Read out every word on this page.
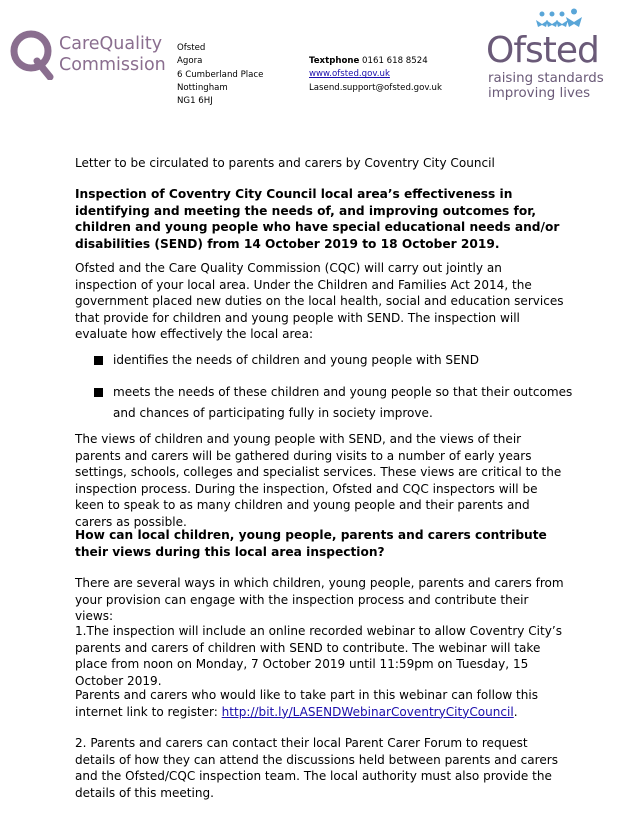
CareQuality
Commission
Ofsted
Agora
6 Cumberland Place
Nottingham
NG1 6HJ
Textphone 0161 618 8524
www.ofsted.gov.uk
Lasend.support@ofsted.gov.uk
Ofsted
raising standards
improving lives
Letter to be circulated to parents and carers by Coventry City Council
Inspection of Coventry City Council local area’s effectiveness in identifying and meeting the needs of, and improving outcomes for, children and young people who have special educational needs and/or disabilities (SEND) from 14 October 2019 to 18 October 2019.
Ofsted and the Care Quality Commission (CQC) will carry out jointly an inspection of your local area. Under the Children and Families Act 2014, the government placed new duties on the local health, social and education services that provide for children and young people with SEND. The inspection will evaluate how effectively the local area:
identifies the needs of children and young people with SEND
meets the needs of these children and young people so that their outcomes and chances of participating fully in society improve.
The views of children and young people with SEND, and the views of their parents and carers will be gathered during visits to a number of early years settings, schools, colleges and specialist services. These views are critical to the inspection process. During the inspection, Ofsted and CQC inspectors will be keen to speak to as many children and young people and their parents and carers as possible.
How can local children, young people, parents and carers contribute their views during this local area inspection?
There are several ways in which children, young people, parents and carers from your provision can engage with the inspection process and contribute their views:
1.The inspection will include an online recorded webinar to allow Coventry City’s parents and carers of children with SEND to contribute. The webinar will take place from noon on Monday, 7 October 2019 until 11:59pm on Tuesday, 15 October 2019.
Parents and carers who would like to take part in this webinar can follow this internet link to register: http://bit.ly/LASENDWebinarCoventryCityCouncil.
2. Parents and carers can contact their local Parent Carer Forum to request details of how they can attend the discussions held between parents and carers and the Ofsted/CQC inspection team. The local authority must also provide the details of this meeting.
